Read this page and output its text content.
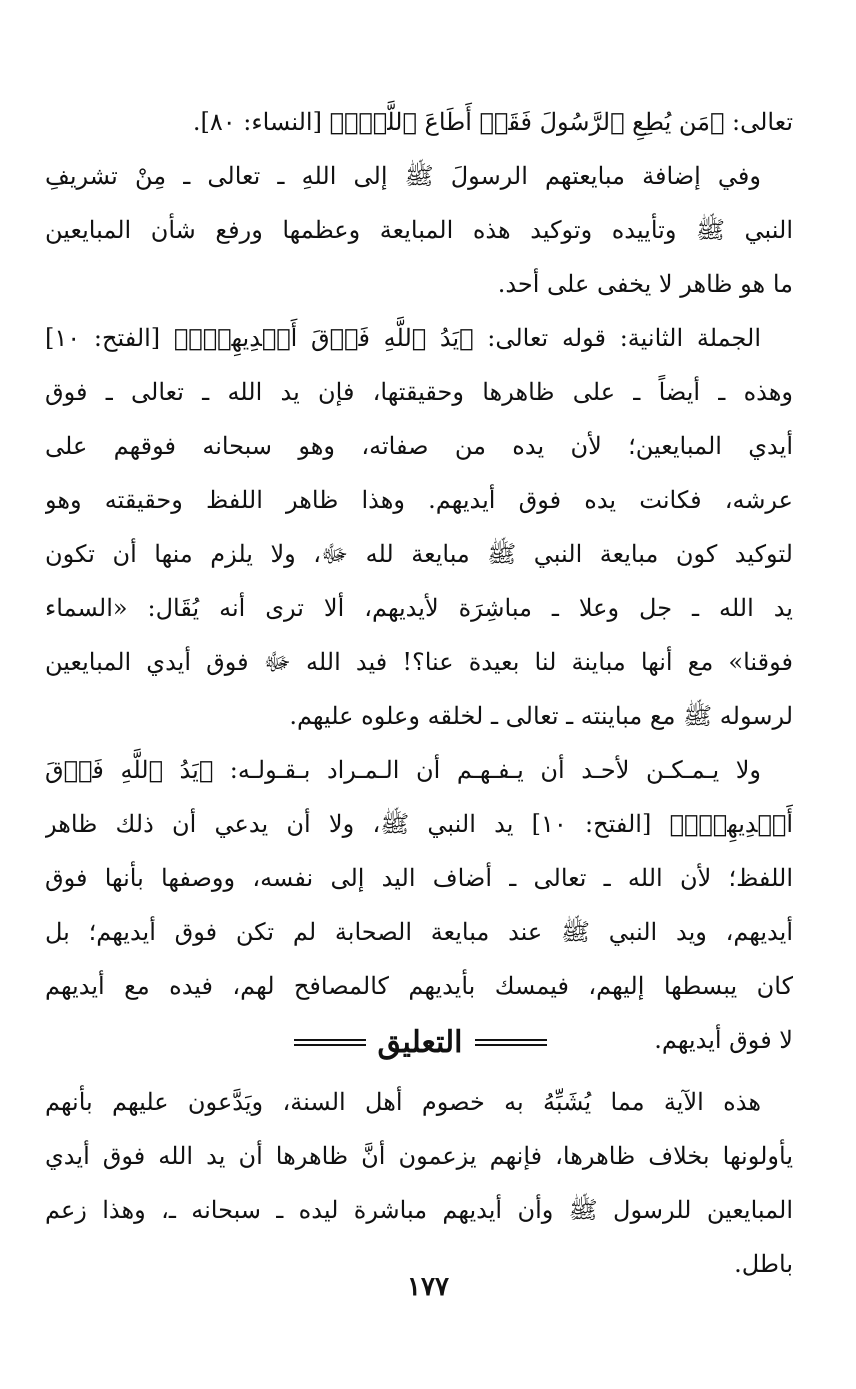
تعالى: ﴿مَن يُطِعِ ٱلرَّسُولَ فَقَدۡ أَطَاعَ ٱللَّهَۖ﴾ [النساء: ٨٠].
وفي إضافة مبايعتهم الرسولَ ﷺ إلى اللهِ ـ تعالى ـ مِنْ تشريفِ
النبي ﷺ وتأييده وتوكيد هذه المبايعة وعظمها ورفع شأن المبايعين
ما هو ظاهر لا يخفى على أحد.
الجملة الثانية: قوله تعالى: ﴿يَدُ ٱللَّهِ فَوۡقَ أَيۡدِيهِمۡۚ﴾ [الفتح: ١٠]
وهذه ـ أيضاً ـ على ظاهرها وحقيقتها، فإن يد الله ـ تعالى ـ فوق
أيدي المبايعين؛ لأن يده من صفاته، وهو سبحانه فوقهم على
عرشه، فكانت يده فوق أيديهم. وهذا ظاهر اللفظ وحقيقته وهو
لتوكيد كون مبايعة النبي ﷺ مبايعة لله ﷻ، ولا يلزم منها أن تكون
يد الله ـ جل وعلا ـ مباشِرَة لأيديهم، ألا ترى أنه يُقَال: «السماء
فوقنا» مع أنها مباينة لنا بعيدة عنا؟! فيد الله ﷻ فوق أيدي المبايعين
لرسوله ﷺ مع مباينته ـ تعالى ـ لخلقه وعلوه عليهم.
ولا يـمـكـن لأحـد أن يـفـهـم أن الـمـراد بـقـولـه: ﴿يَدُ ٱللَّهِ فَوۡقَ
أَيۡدِيهِمۡۚ﴾ [الفتح: ١٠] يد النبي ﷺ، ولا أن يدعي أن ذلك ظاهر
اللفظ؛ لأن الله ـ تعالى ـ أضاف اليد إلى نفسه، ووصفها بأنها فوق
أيديهم، ويد النبي ﷺ عند مبايعة الصحابة لم تكن فوق أيديهم؛ بل
كان يبسطها إليهم، فيمسك بأيديهم كالمصافح لهم، فيده مع أيديهم
لا فوق أيديهم.
التعليق
هذه الآية مما يُشَبِّهُ به خصوم أهل السنة، ويَدَّعون عليهم بأنهم
يأولونها بخلاف ظاهرها، فإنهم يزعمون أنَّ ظاهرها أن يد الله فوق أيدي
المبايعين للرسول ﷺ وأن أيديهم مباشرة ليده ـ سبحانه ـ، وهذا زعم
باطل.
١٧٧
